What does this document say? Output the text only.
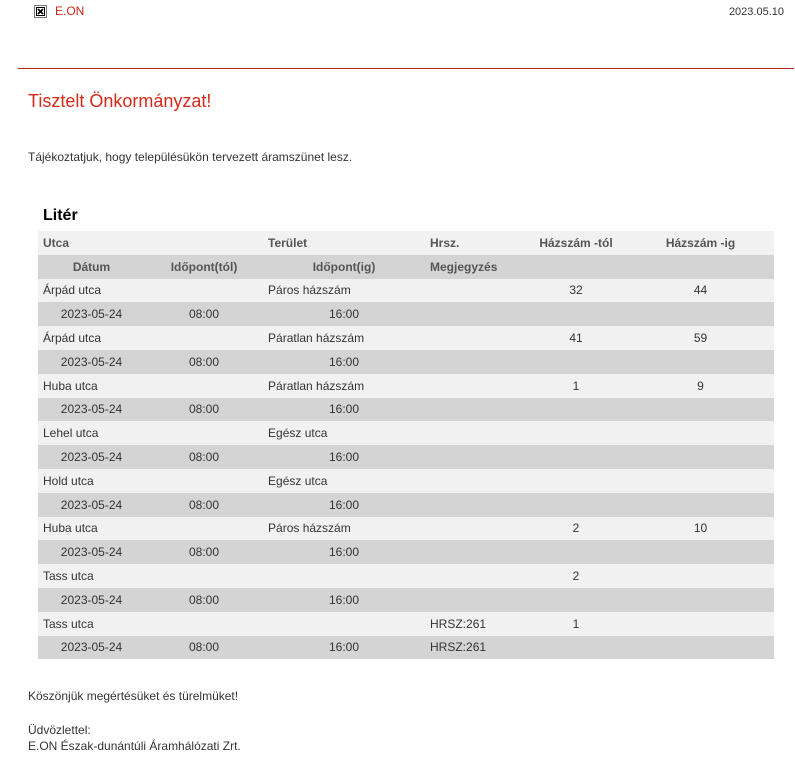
E.ON	2023.05.10
Tisztelt Önkormányzat!
Tájékoztatjuk, hogy településükön tervezett áramszünet lesz.
Litér
Utca		Terület	Hrsz.	Házszám -tól	Házszám -ig
Dátum	Időpont(tól)	Időpont(ig)	Megjegyzés		
Árpád utca		Páros házszám		32	44
2023-05-24	08:00	16:00			
Árpád utca		Páratlan házszám		41	59
2023-05-24	08:00	16:00			
Huba utca		Páratlan házszám		1	9
2023-05-24	08:00	16:00			
Lehel utca		Egész utca			
2023-05-24	08:00	16:00			
Hold utca		Egész utca			
2023-05-24	08:00	16:00			
Huba utca		Páros házszám		2	10
2023-05-24	08:00	16:00			
Tass utca				2	
2023-05-24	08:00	16:00			
Tass utca			HRSZ:261	1	
2023-05-24	08:00	16:00	HRSZ:261		
Köszönjük megértésüket és türelmüket!
Üdvözlettel:
E.ON Észak-dunántúli Áramhálózati Zrt.
